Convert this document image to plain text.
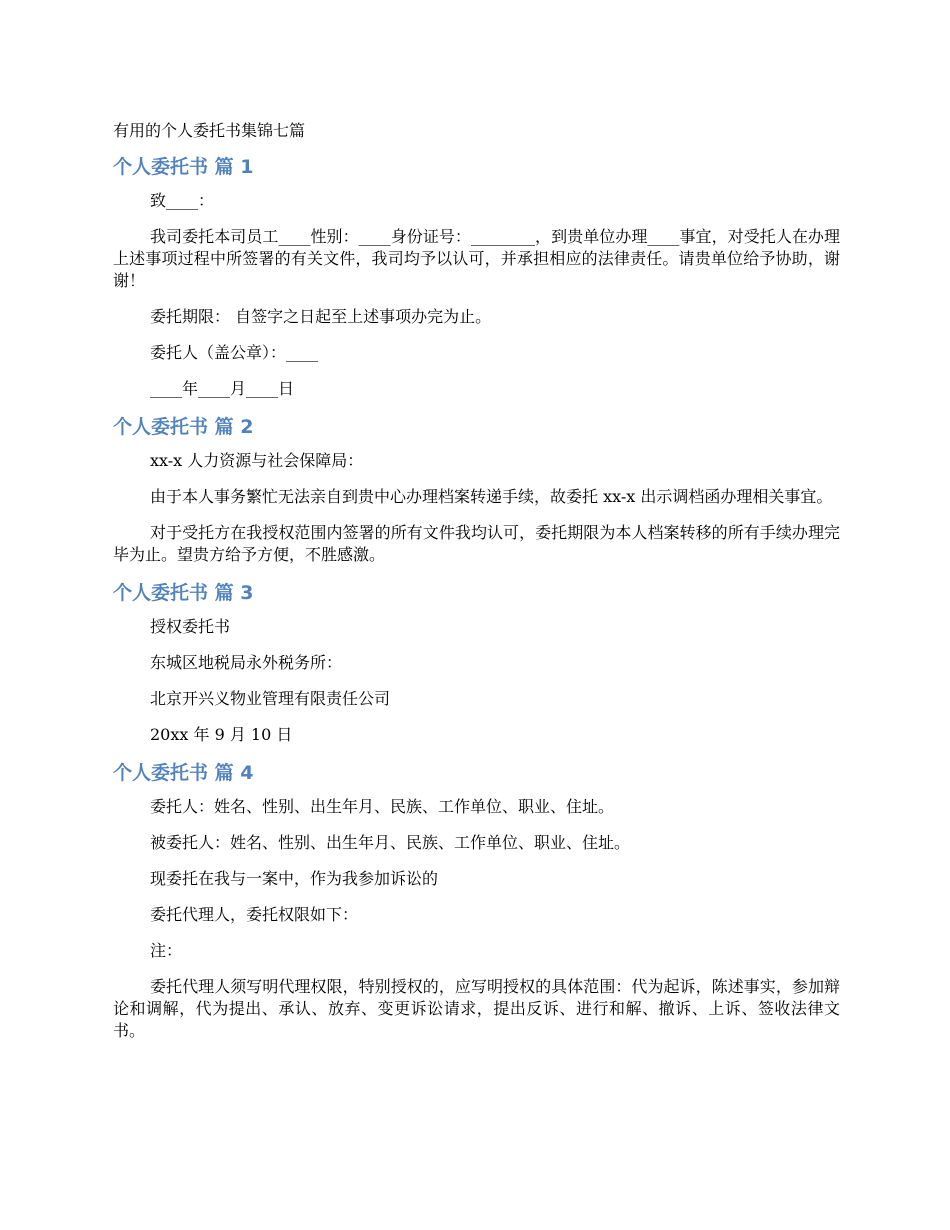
有用的个人委托书集锦七篇
个人委托书 篇 1

致____：

我司委托本司员工____性别：____身份证号：________，到贵单位办理____事宜，对受托人在办理上述事项过程中所签署的有关文件，我司均予以认可，并承担相应的法律责任。请贵单位给予协助，谢谢！

委托期限： 自签字之日起至上述事项办完为止。

委托人（盖公章）：____

____年____月____日

个人委托书 篇 2

xx-x 人力资源与社会保障局：

由于本人事务繁忙无法亲自到贵中心办理档案转递手续，故委托 xx-x 出示调档函办理相关事宜。

对于受托方在我授权范围内签署的所有文件我均认可，委托期限为本人档案转移的所有手续办理完毕为止。望贵方给予方便，不胜感激。

个人委托书 篇 3

授权委托书

东城区地税局永外税务所：

北京开兴义物业管理有限责任公司

20xx 年 9 月 10 日

个人委托书 篇 4

委托人：姓名、性别、出生年月、民族、工作单位、职业、住址。

被委托人：姓名、性别、出生年月、民族、工作单位、职业、住址。

现委托在我与一案中，作为我参加诉讼的

委托代理人，委托权限如下：

注：

委托代理人须写明代理权限，特别授权的，应写明授权的具体范围：代为起诉，陈述事实，参加辩论和调解，代为提出、承认、放弃、变更诉讼请求，提出反诉、进行和解、撤诉、上诉、签收法律文书。
